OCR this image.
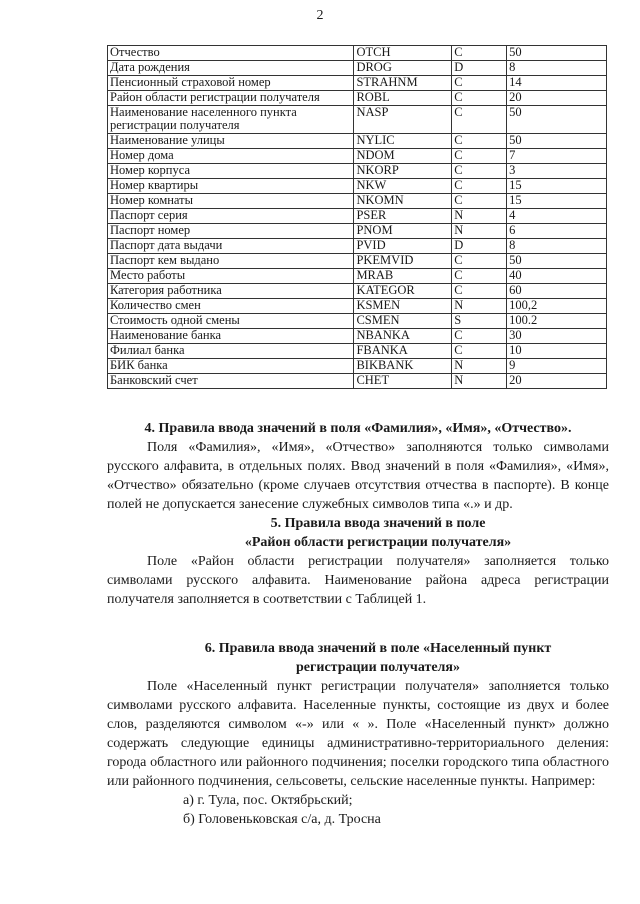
2
Отчество	OTCH	C	50
Дата рождения	DROG	D	8
Пенсионный страховой номер	STRAHNM	C	14
Район области регистрации получателя	ROBL	C	20
Наименование населенного пункта регистрации получателя	NASP	C	50
Наименование улицы	NYLIC	C	50
Номер дома	NDOM	C	7
Номер корпуса	NKORP	C	3
Номер квартиры	NKW	C	15
Номер комнаты	NKOMN	C	15
Паспорт серия	PSER	N	4
Паспорт номер	PNOM	N	6
Паспорт дата выдачи	PVID	D	8
Паспорт кем выдано	PKEMVID	C	50
Место работы	MRAB	C	40
Категория работника	KATEGOR	C	60
Количество смен	KSMEN	N	100,2
Стоимость одной смены	CSMEN	S	100.2
Наименование банка	NBANKA	C	30
Филиал банка	FBANKA	C	10
БИК банка	BIKBANK	N	9
Банковский счет	CHET	N	20
4. Правила ввода значений в поля «Фамилия», «Имя», «Отчество».

Поля «Фамилия», «Имя», «Отчество» заполняются только символами русского алфавита, в отдельных полях. Ввод значений в поля «Фамилия», «Имя», «Отчество» обязательно (кроме случаев отсутствия отчества в паспорте). В конце полей не допускается занесение служебных символов типа «.» и др.

5. Правила ввода значений в поле
«Район области регистрации получателя»

Поле «Район области регистрации получателя» заполняется только символами русского алфавита. Наименование района адреса регистрации получателя заполняется в соответствии с Таблицей 1.

6. Правила ввода значений в поле «Населенный пункт
регистрации получателя»

Поле «Населенный пункт регистрации получателя» заполняется только символами русского алфавита. Населенные пункты, состоящие из двух и более слов, разделяются символом «-» или « ». Поле «Населенный пункт» должно содержать следующие единицы административно-территориального деления: города областного или районного подчинения; поселки городского типа областного или районного подчинения, сельсоветы, сельские населенные пункты. Например:

а) г. Тула, пос. Октябрьский;
б) Головеньковская с/а, д. Тросна
